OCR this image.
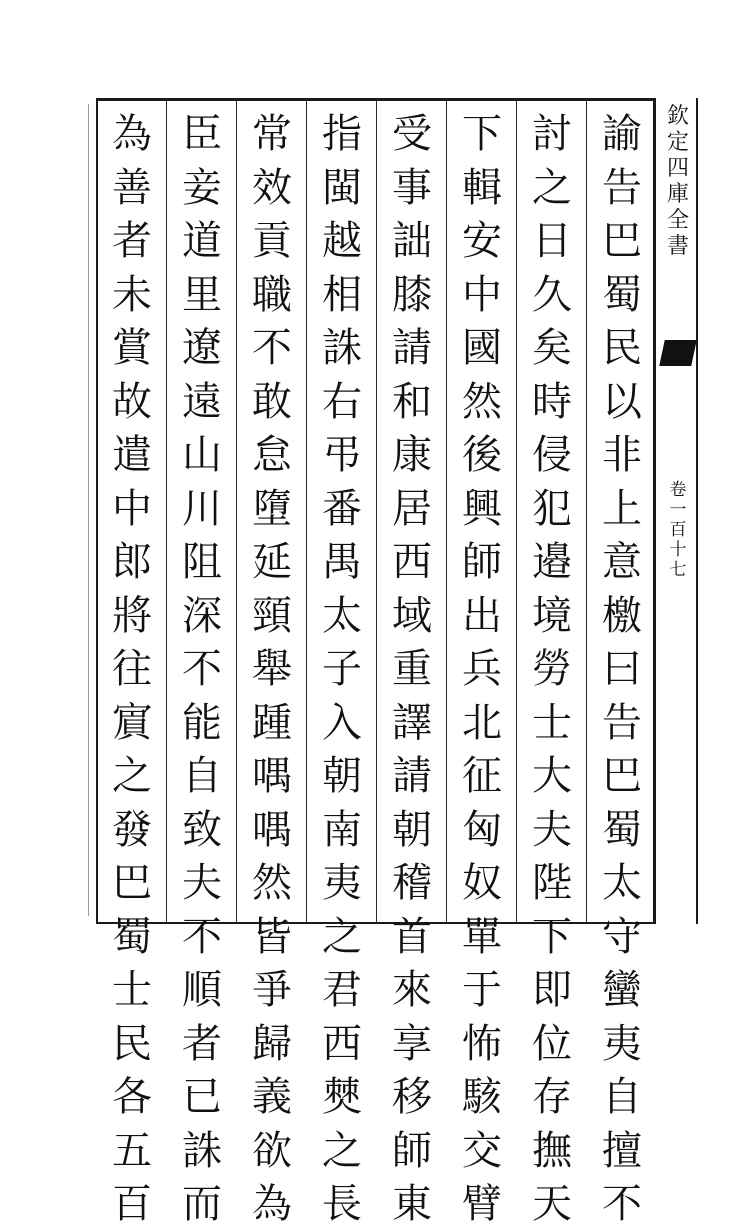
欽
定
四
庫
全
書
卷
一
百
十
七
諭
告
巴
蜀
民
以
非
上
意
檄
曰
告
巴
蜀
太
守
蠻
夷
自
擅
不
討
之
日
久
矣
時
侵
犯
邉
境
勞
士
大
夫
陛
下
即
位
存
撫
天
下
輯
安
中
國
然
後
興
師
出
兵
北
征
匈
奴
單
于
怖
駭
交
臂
受
事
詘
膝
請
和
康
居
西
域
重
譯
請
朝
稽
首
來
享
移
師
東
指
閩
越
相
誅
右
弔
番
禺
太
子
入
朝
南
夷
之
君
西
僰
之
長
常
效
貢
職
不
敢
怠
墮
延
頸
舉
踵
喁
喁
然
皆
爭
歸
義
欲
為
臣
妾
道
里
遼
遠
山
川
阻
深
不
能
自
致
夫
不
順
者
已
誅
而
為
善
者
未
賞
故
遣
中
郎
將
往
賔
之
發
巴
蜀
士
民
各
五
百
